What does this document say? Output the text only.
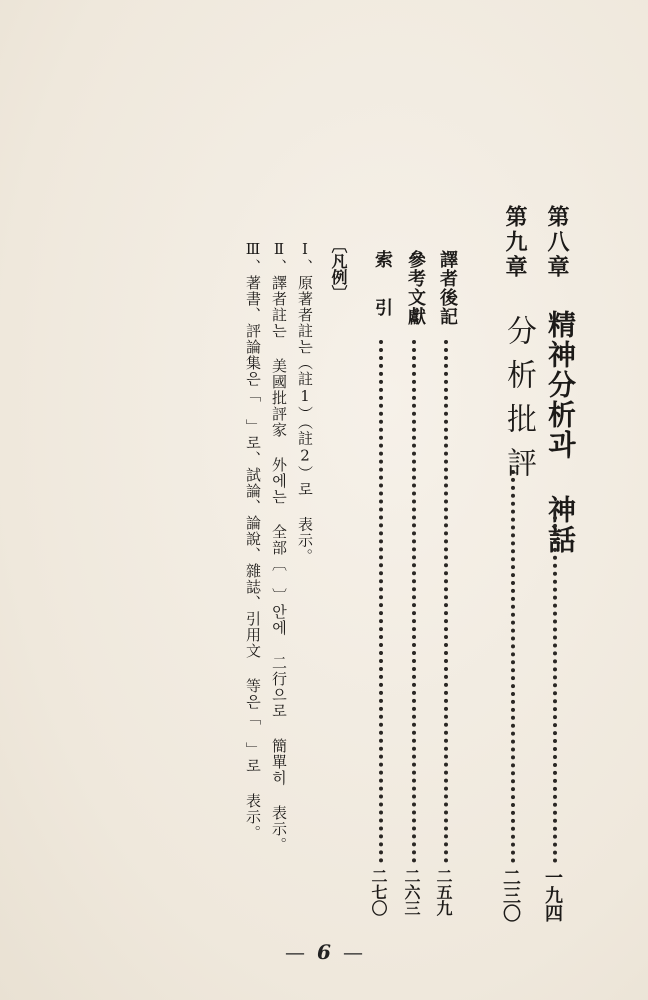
第八章
精神分析과 神話
一九四
第九章
分析批評
二三〇
譯者後記
二五九
參考文獻
二六三
索　引
二七〇
〔凡例〕
Ⅰ、原著者註는（註1）（註2）로 表示。
Ⅱ、譯者註는 美國批評家 外에는 全部〔　〕안에 二行으로 簡單히 表示。
Ⅲ、著書、評論集은「　」로、試論、論說、雜誌、引用文 等은「　」로 表示。
— 6 —
